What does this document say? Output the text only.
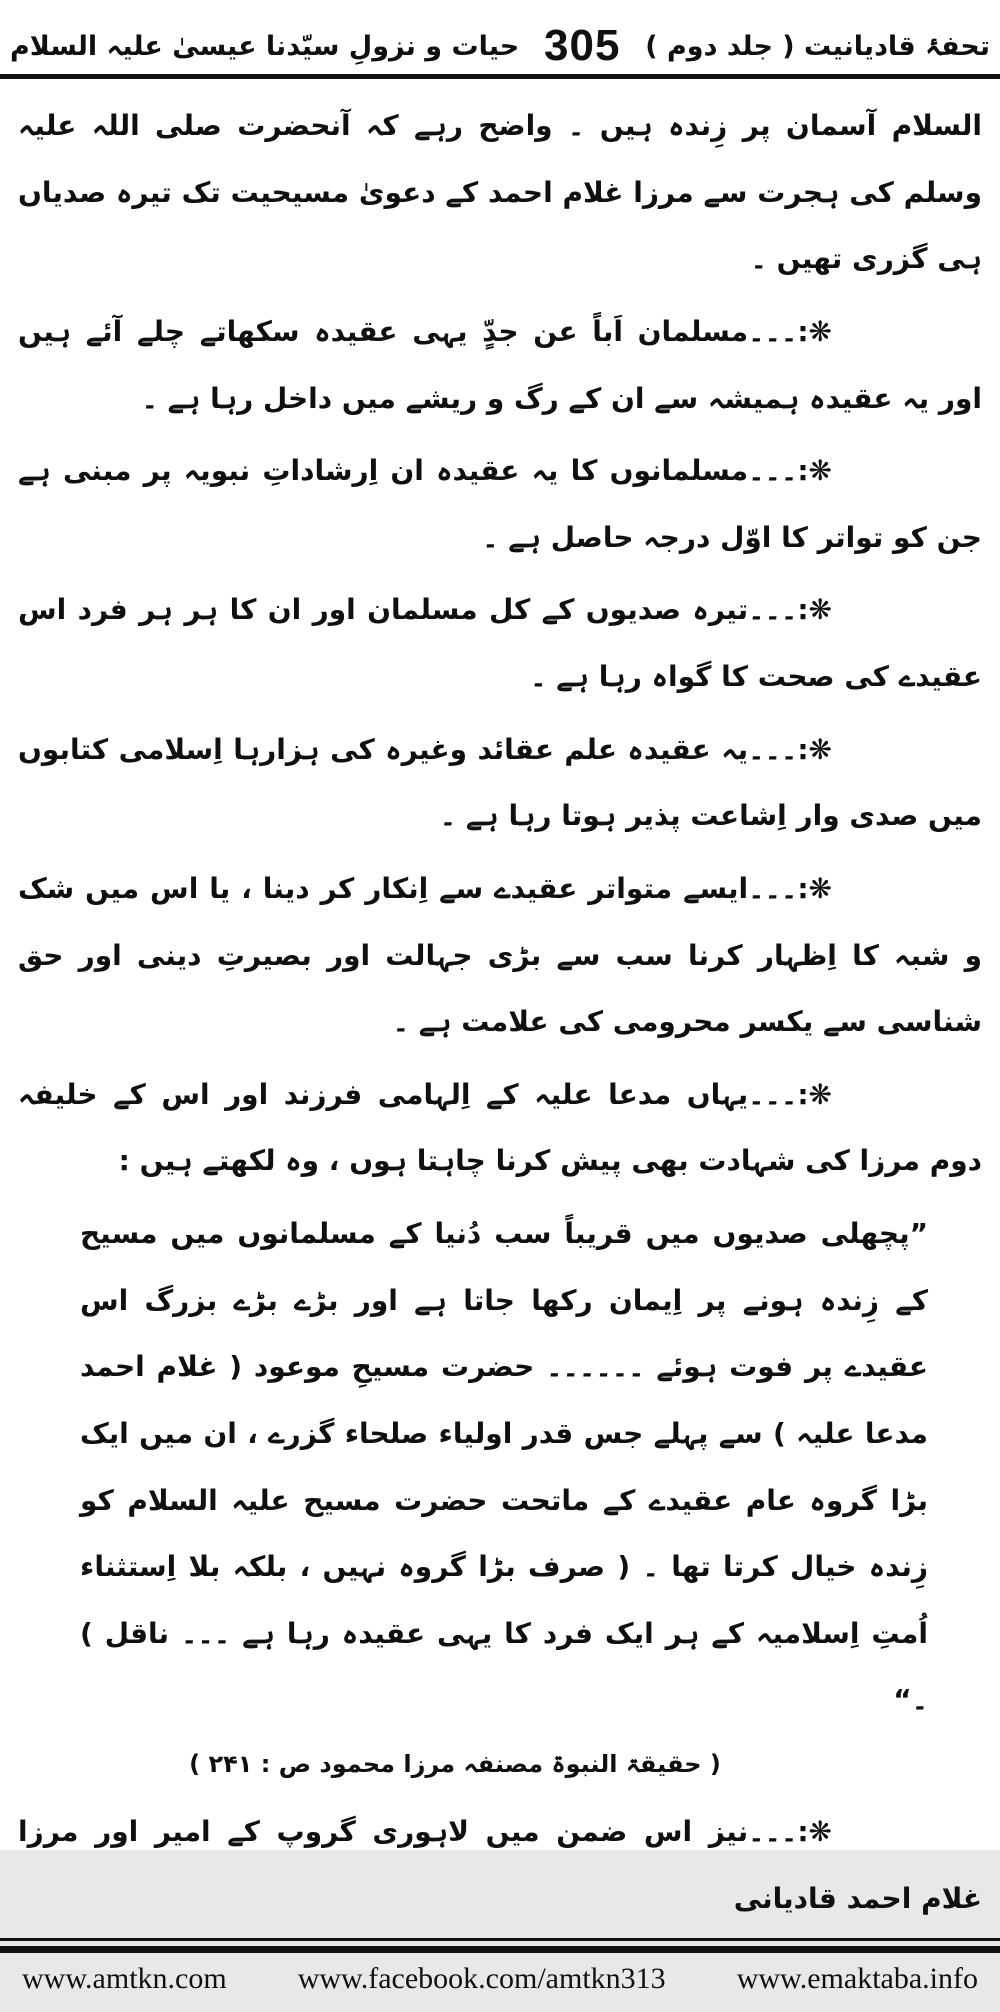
تحفۂ قادیانیت ( جلد دوم )
305
حیات و نزولِ سیّدنا عیسیٰ علیہ السلام

السلام آسمان پر زِندہ ہیں ۔ واضح رہے کہ آنحضرت صلی اللہ علیہ وسلم کی ہجرت سے مرزا غلام احمد کے دعویٰ مسیحیت تک تیرہ صدیاں ہی گزری تھیں ۔

❋:۔۔۔مسلمان اَباً عن جدٍّ یہی عقیدہ سکھاتے چلے آئے ہیں اور یہ عقیدہ ہمیشہ سے ان کے رگ و ریشے میں داخل رہا ہے ۔

❋:۔۔۔مسلمانوں کا یہ عقیدہ ان اِرشاداتِ نبویہ پر مبنی ہے جن کو تواتر کا اوّل درجہ حاصل ہے ۔

❋:۔۔۔تیرہ صدیوں کے کل مسلمان اور ان کا ہر ہر فرد اس عقیدے کی صحت کا گواہ رہا ہے ۔

❋:۔۔۔یہ عقیدہ علم عقائد وغیرہ کی ہزارہا اِسلامی کتابوں میں صدی وار اِشاعت پذیر ہوتا رہا ہے ۔

❋:۔۔۔ایسے متواتر عقیدے سے اِنکار کر دینا ، یا اس میں شک و شبہ کا اِظہار کرنا سب سے بڑی جہالت اور بصیرتِ دینی اور حق شناسی سے یکسر محرومی کی علامت ہے ۔

❋:۔۔۔یہاں مدعا علیہ کے اِلہامی فرزند اور اس کے خلیفہ دوم مرزا کی شہادت بھی پیش کرنا چاہتا ہوں ، وہ لکھتے ہیں :

”پچھلی صدیوں میں قریباً سب دُنیا کے مسلمانوں میں مسیح کے زِندہ ہونے پر اِیمان رکھا جاتا ہے اور بڑے بڑے بزرگ اس عقیدے پر فوت ہوئے ۔۔۔۔۔۔ حضرت مسیحِ موعود ( غلام احمد مدعا علیہ ) سے پہلے جس قدر اولیاء صلحاء گزرے ، ان میں ایک بڑا گروہ عام عقیدے کے ماتحت حضرت مسیح علیہ السلام کو زِندہ خیال کرتا تھا ۔ ( صرف بڑا گروہ نہیں ، بلکہ بلا اِستثناء اُمتِ اِسلامیہ کے ہر ایک فرد کا یہی عقیدہ رہا ہے ۔۔۔ ناقل ) ۔“

( حقیقۃ النبوۃ مصنفہ مرزا محمود ص : ۲۴۱ )

❋:۔۔۔نیز اس ضمن میں لاہوری گروپ کے امیر اور مرزا غلام احمد قادیانی

www.amtkn.com www.facebook.com/amtkn313 www.emaktaba.info
